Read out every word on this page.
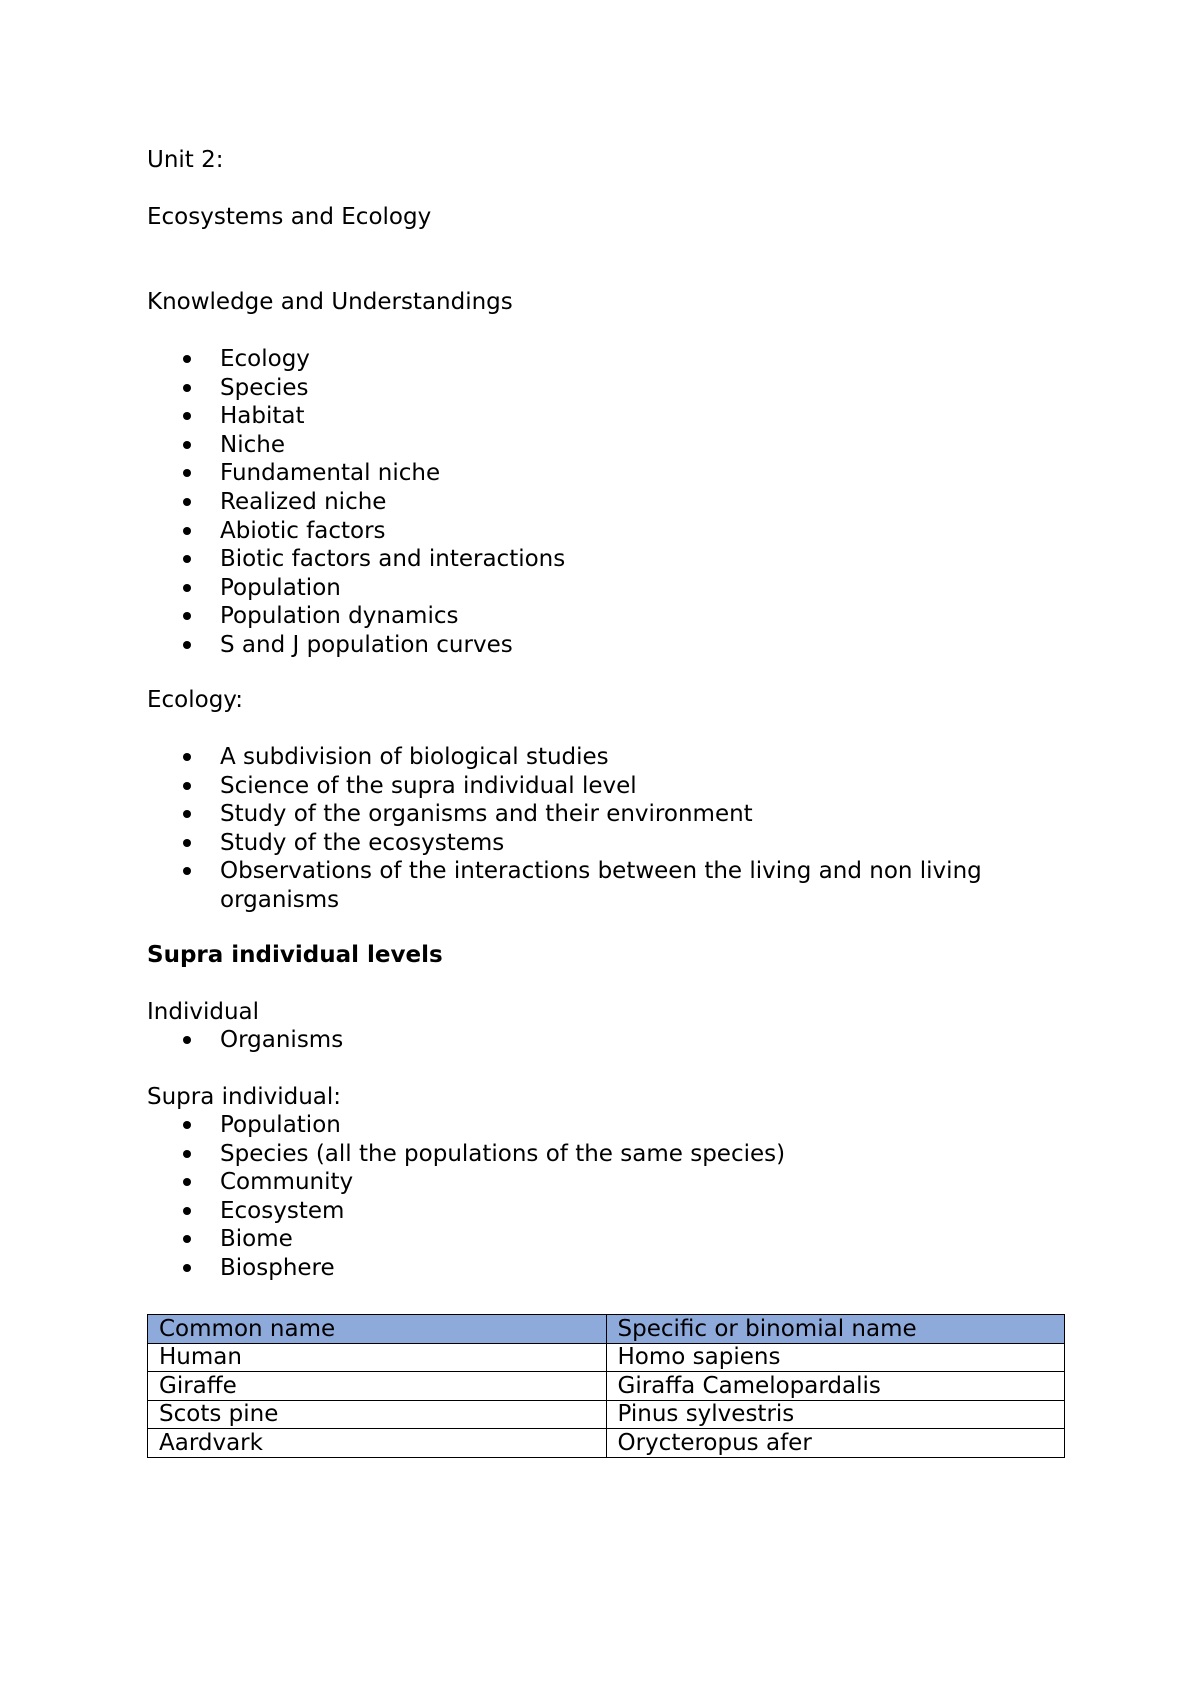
Unit 2:
Ecosystems and Ecology
Knowledge and Understandings
Ecology
Species
Habitat
Niche
Fundamental niche
Realized niche
Abiotic factors
Biotic factors and interactions
Population
Population dynamics
S and J population curves
Ecology:
A subdivision of biological studies
Science of the supra individual level
Study of the organisms and their environment
Study of the ecosystems
Observations of the interactions between the living and non living organisms
Supra individual levels
Individual
Organisms
Supra individual:
Population
Species (all the populations of the same species)
Community
Ecosystem
Biome
Biosphere
Common name	Specific or binomial name
Human	Homo sapiens
Giraffe	Giraffa Camelopardalis
Scots pine	Pinus sylvestris
Aardvark	Orycteropus afer
